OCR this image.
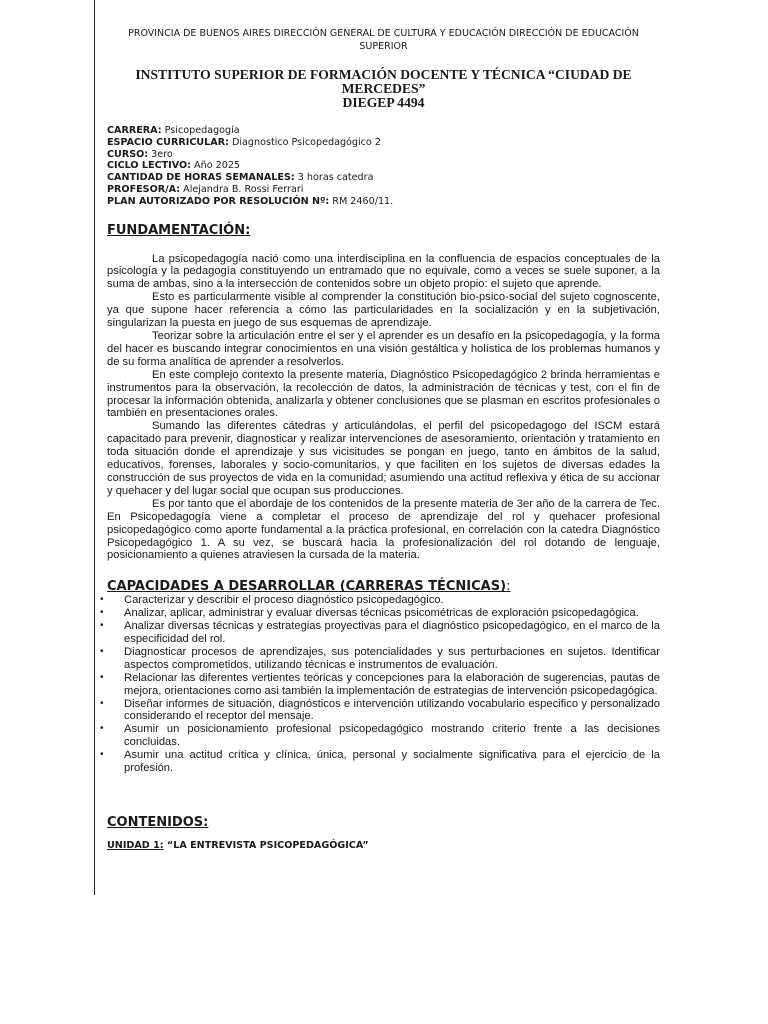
PROVINCIA DE BUENOS AIRES DIRECCIÓN GENERAL DE CULTURA Y EDUCACIÓN DIRECCIÓN DE EDUCACIÓN SUPERIOR

INSTITUTO SUPERIOR DE FORMACIÓN DOCENTE Y TÉCNICA “CIUDAD DE MERCEDES”
DIEGEP 4494

CARRERA: Psicopedagogía
ESPACIO CURRICULAR: Diagnostico Psicopedagógico 2
CURSO: 3ero
CICLO LECTIVO: Año 2025
CANTIDAD DE HORAS SEMANALES: 3 horas catedra
PROFESOR/A: Alejandra B. Rossi Ferrari
PLAN AUTORIZADO POR RESOLUCIÓN Nº: RM 2460/11.

FUNDAMENTACIÓN:

La psicopedagogía nació como una interdisciplina en la confluencia de espacios conceptuales de la psicología y la pedagogía constituyendo un entramado que no equivale, como a veces se suele suponer, a la suma de ambas, sino a la intersección de contenidos sobre un objeto propio: el sujeto que aprende.

Esto es particularmente visible al comprender la constitución bio-psico-social del sujeto cognoscente, ya que supone hacer referencia a cómo las particularidades en la socialización y en la subjetivación, singularizan la puesta en juego de sus esquemas de aprendizaje.

Teorizar sobre la articulación entre el ser y el aprender es un desafío en la psicopedagogía, y la forma del hacer es buscando integrar conocimientos en una visión gestáltica y holística de los problemas humanos y de su forma analítica de aprender a resolverlos.

En este complejo contexto la presente materia, Diagnóstico Psicopedagógico 2 brinda herramientas e instrumentos para la observación, la recolección de datos, la administración de técnicas y test, con el fin de procesar la información obtenida, analizarla y obtener conclusiones que se plasman en escritos profesionales o también en presentaciones orales.

Sumando las diferentes cátedras y articulándolas, el perfil del psicopedagogo del ISCM estará capacitado para prevenir, diagnosticar y realizar intervenciones de asesoramiento, orientación y tratamiento en toda situación donde el aprendizaje y sus vicisitudes se pongan en juego, tanto en ámbitos de la salud, educativos, forenses, laborales y socio-comunitarios, y que faciliten en los sujetos de diversas edades la construcción de sus proyectos de vida en la comunidad; asumiendo una actitud reflexiva y ética de su accionar y quehacer y del lugar social que ocupan sus producciones.

Es por tanto que el abordaje de los contenidos de la presente materia de 3er año de la carrera de Tec. En Psicopedagogía viene a completar el proceso de aprendizaje del rol y quehacer profesional psicopedagógico como aporte fundamental a la práctica profesional, en correlación con la catedra Diagnóstico Psicopedagógico 1. A su vez, se buscará hacia la profesionalización del rol dotando de lenguaje, posicionamiento a quienes atraviesen la cursada de la materia.

CAPACIDADES A DESARROLLAR (CARRERAS TÉCNICAS):

• Caracterizar y describir el proceso diagnóstico psicopedagógico.
• Analizar, aplicar, administrar y evaluar diversas técnicas psicométricas de exploración psicopedagógica.
• Analizar diversas técnicas y estrategias proyectivas para el diagnóstico psicopedagógico, en el marco de la especificidad del rol.
• Diagnosticar procesos de aprendizajes, sus potencialidades y sus perturbaciones en sujetos. Identificar aspectos comprometidos, utilizando técnicas e instrumentos de evaluación.
• Relacionar las diferentes vertientes teóricas y concepciones para la elaboración de sugerencias, pautas de mejora, orientaciones como asi también la implementación de estrategias de intervención psicopedagógica.
• Diseñar informes de situación, diagnósticos e intervención utilizando vocabulario especifico y personalizado considerando el receptor del mensaje.
• Asumir un posicionamiento profesional psicopedagógico mostrando criterio frente a las decisiones concluidas.
• Asumir una actitud crítica y clínica, única, personal y socialmente significativa para el ejercicio de la profesión.

CONTENIDOS:

UNIDAD 1: “LA ENTREVISTA PSICOPEDAGÓGICA”
